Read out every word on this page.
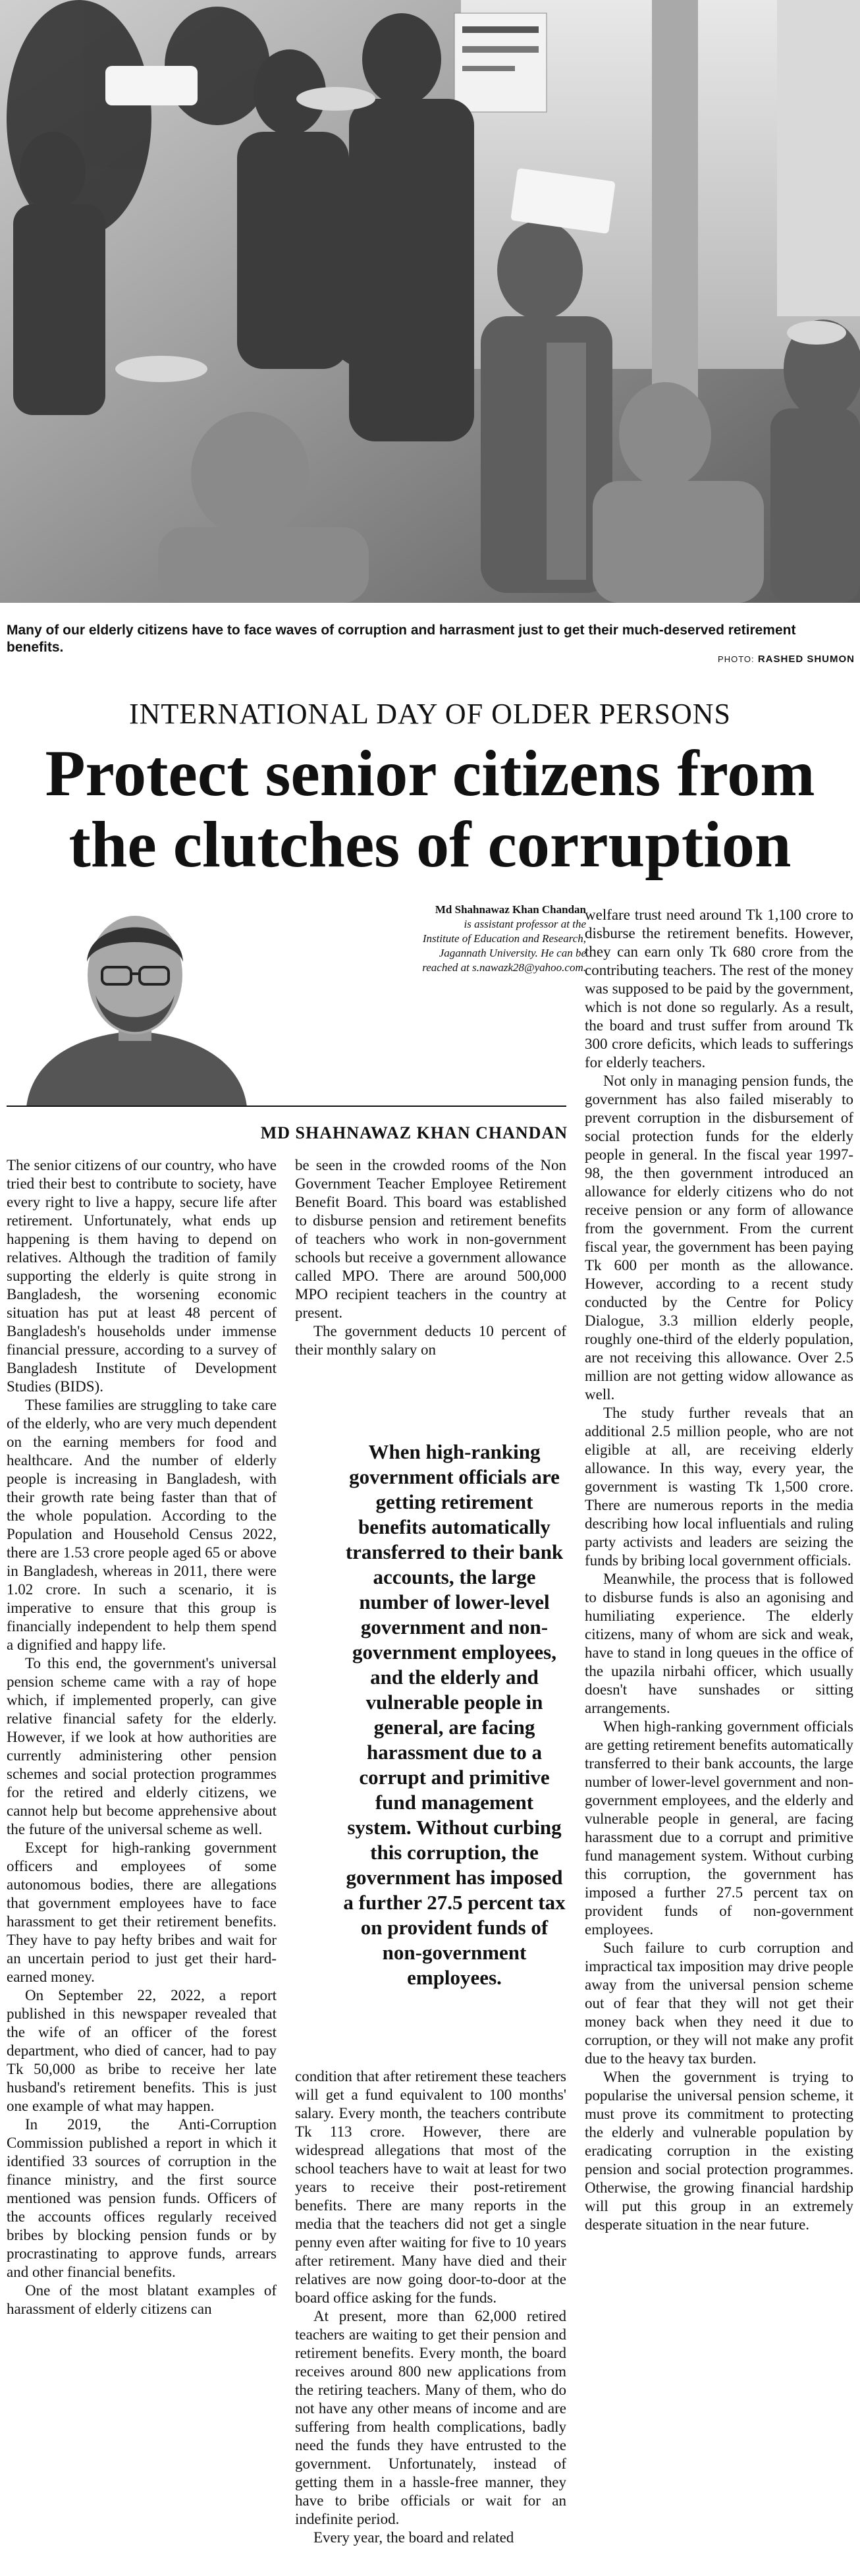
Many of our elderly citizens have to face waves of corruption and harrasment just to get their much-deserved retirement benefits.
PHOTO: RASHED SHUMON
INTERNATIONAL DAY OF OLDER PERSONS
Protect senior citizens from
the clutches of corruption
Md Shahnawaz Khan Chandan
is assistant professor at the
Institute of Education and Research,
Jagannath University. He can be
reached at s.nawazk28@yahoo.com.
MD SHAHNAWAZ KHAN CHANDAN

The senior citizens of our country, who have tried their best to contribute to society, have every right to live a happy, secure life after retirement. Unfortunately, what ends up happening is them having to depend on relatives. Although the tradition of family supporting the elderly is quite strong in Bangladesh, the worsening economic situation has put at least 48 percent of Bangladesh's households under immense financial pressure, according to a survey of Bangladesh Institute of Development Studies (BIDS).

These families are struggling to take care of the elderly, who are very much dependent on the earning members for food and healthcare. And the number of elderly people is increasing in Bangladesh, with their growth rate being faster than that of the whole population. According to the Population and Household Census 2022, there are 1.53 crore people aged 65 or above in Bangladesh, whereas in 2011, there were 1.02 crore. In such a scenario, it is imperative to ensure that this group is financially independent to help them spend a dignified and happy life.

To this end, the government's universal pension scheme came with a ray of hope which, if implemented properly, can give relative financial safety for the elderly. However, if we look at how authorities are currently administering other pension schemes and social protection programmes for the retired and elderly citizens, we cannot help but become apprehensive about the future of the universal scheme as well.

Except for high-ranking government officers and employees of some autonomous bodies, there are allegations that government employees have to face harassment to get their retirement benefits. They have to pay hefty bribes and wait for an uncertain period to just get their hard-earned money.

On September 22, 2022, a report published in this newspaper revealed that the wife of an officer of the forest department, who died of cancer, had to pay Tk 50,000 as bribe to receive her late husband's retirement benefits. This is just one example of what may happen.

In 2019, the Anti-Corruption Commission published a report in which it identified 33 sources of corruption in the finance ministry, and the first source mentioned was pension funds. Officers of the accounts offices regularly received bribes by blocking pension funds or by procrastinating to approve funds, arrears and other financial benefits.

One of the most blatant examples of harassment of elderly citizens can

be seen in the crowded rooms of the Non Government Teacher Employee Retirement Benefit Board. This board was established to disburse pension and retirement benefits of teachers who work in non-government schools but receive a government allowance called MPO. There are around 500,000 MPO recipient teachers in the country at present.

The government deducts 10 percent of their monthly salary on

When high-ranking government officials are getting retirement benefits automatically transferred to their bank accounts, the large number of lower-level government and non-government employees, and the elderly and vulnerable people in general, are facing harassment due to a corrupt and primitive fund management system. Without curbing this corruption, the government has imposed a further 27.5 percent tax on provident funds of non-government employees.

condition that after retirement these teachers will get a fund equivalent to 100 months' salary. Every month, the teachers contribute Tk 113 crore. However, there are widespread allegations that most of the school teachers have to wait at least for two years to receive their post-retirement benefits. There are many reports in the media that the teachers did not get a single penny even after waiting for five to 10 years after retirement. Many have died and their relatives are now going door-to-door at the board office asking for the funds.

At present, more than 62,000 retired teachers are waiting to get their pension and retirement benefits. Every month, the board receives around 800 new applications from the retiring teachers. Many of them, who do not have any other means of income and are suffering from health complications, badly need the funds they have entrusted to the government. Unfortunately, instead of getting them in a hassle-free manner, they have to bribe officials or wait for an indefinite period.

Every year, the board and related

welfare trust need around Tk 1,100 crore to disburse the retirement benefits. However, they can earn only Tk 680 crore from the contributing teachers. The rest of the money was supposed to be paid by the government, which is not done so regularly. As a result, the board and trust suffer from around Tk 300 crore deficits, which leads to sufferings for elderly teachers.

Not only in managing pension funds, the government has also failed miserably to prevent corruption in the disbursement of social protection funds for the elderly people in general. In the fiscal year 1997-98, the then government introduced an allowance for elderly citizens who do not receive pension or any form of allowance from the government. From the current fiscal year, the government has been paying Tk 600 per month as the allowance. However, according to a recent study conducted by the Centre for Policy Dialogue, 3.3 million elderly people, roughly one-third of the elderly population, are not receiving this allowance. Over 2.5 million are not getting widow allowance as well.

The study further reveals that an additional 2.5 million people, who are not eligible at all, are receiving elderly allowance. In this way, every year, the government is wasting Tk 1,500 crore. There are numerous reports in the media describing how local influentials and ruling party activists and leaders are seizing the funds by bribing local government officials.

Meanwhile, the process that is followed to disburse funds is also an agonising and humiliating experience. The elderly citizens, many of whom are sick and weak, have to stand in long queues in the office of the upazila nirbahi officer, which usually doesn't have sunshades or sitting arrangements.

When high-ranking government officials are getting retirement benefits automatically transferred to their bank accounts, the large number of lower-level government and non-government employees, and the elderly and vulnerable people in general, are facing harassment due to a corrupt and primitive fund management system. Without curbing this corruption, the government has imposed a further 27.5 percent tax on provident funds of non-government employees.

Such failure to curb corruption and impractical tax imposition may drive people away from the universal pension scheme out of fear that they will not get their money back when they need it due to corruption, or they will not make any profit due to the heavy tax burden.

When the government is trying to popularise the universal pension scheme, it must prove its commitment to protecting the elderly and vulnerable population by eradicating corruption in the existing pension and social protection programmes. Otherwise, the growing financial hardship will put this group in an extremely desperate situation in the near future.
